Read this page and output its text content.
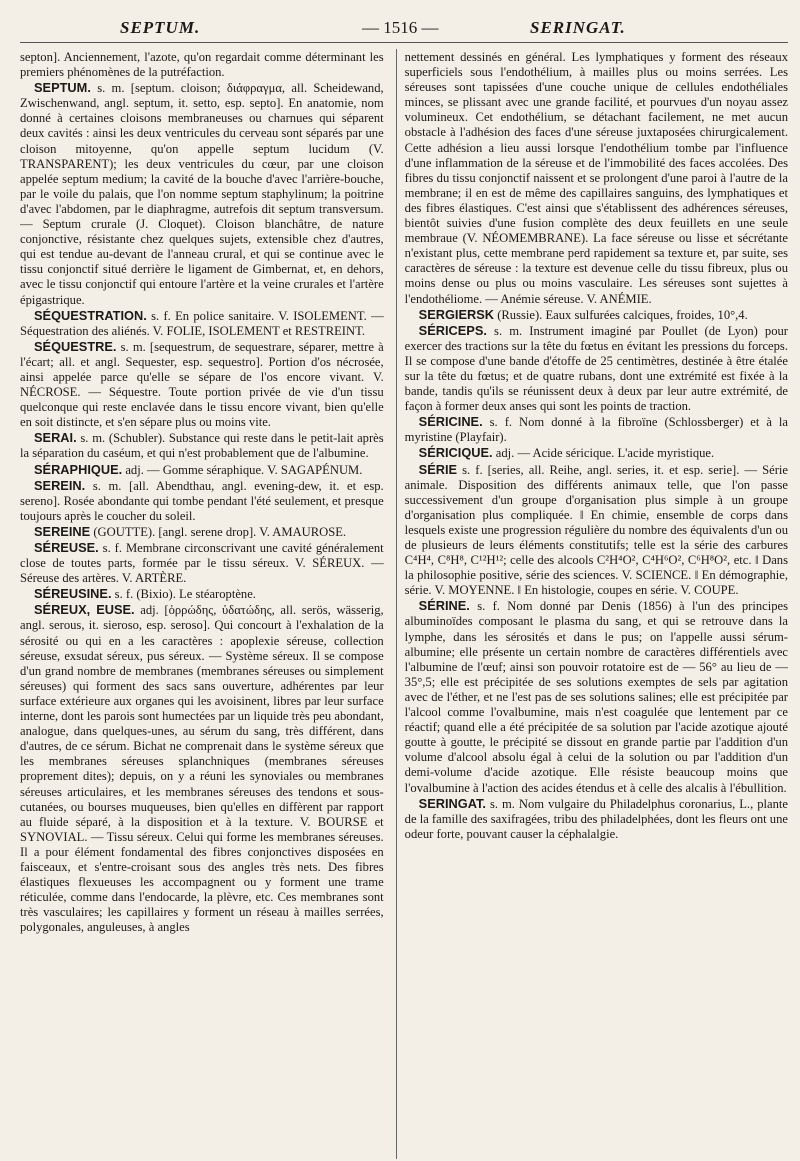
SEPTUM.	— 1516 —	SERINGAT.

septon]. Anciennement, l'azote, qu'on regardait comme déterminant les premiers phénomènes de la putréfaction.

SEPTUM. s. m. [septum. cloison; διάφραγμα, all. Scheidewand, Zwischenwand, angl. septum, it. setto, esp. septo]. En anatomie, nom donné à certaines cloisons membraneuses ou charnues qui séparent deux cavités : ainsi les deux ventricules du cerveau sont séparés par une cloison mitoyenne, qu'on appelle septum lucidum (V. TRANSPARENT); les deux ventricules du cœur, par une cloison appelée septum medium; la cavité de la bouche d'avec l'arrière-bouche, par le voile du palais, que l'on nomme septum staphylinum; la poitrine d'avec l'abdomen, par le diaphragme, autrefois dit septum transversum. — Septum crurale (J. Cloquet). Cloison blanchâtre, de nature conjonctive, résistante chez quelques sujets, extensible chez d'autres, qui est tendue au-devant de l'anneau crural, et qui se continue avec le tissu conjonctif situé derrière le ligament de Gimbernat, et, en dehors, avec le tissu conjonctif qui entoure l'artère et la veine crurales et l'artère épigastrique.

SÉQUESTRATION. s. f. En police sanitaire. V. ISOLEMENT. — Séquestration des aliénés. V. FOLIE, ISOLEMENT et RESTREINT.

SÉQUESTRE. s. m. [sequestrum, de sequestrare, séparer, mettre à l'écart; all. et angl. Sequester, esp. sequestro]. Portion d'os nécrosée, ainsi appelée parce qu'elle se sépare de l'os encore vivant. V. NÉCROSE. — Séquestre. Toute portion privée de vie d'un tissu quelconque qui reste enclavée dans le tissu encore vivant, bien qu'elle en soit distincte, et s'en sépare plus ou moins vite.

SERAI. s. m. (Schubler). Substance qui reste dans le petit-lait après la séparation du caséum, et qui n'est probablement que de l'albumine.

SÉRAPHIQUE. adj. — Gomme séraphique. V. SAGAPÉNUM.

SEREIN. s. m. [all. Abendthau, angl. evening-dew, it. et esp. sereno]. Rosée abondante qui tombe pendant l'été seulement, et presque toujours après le coucher du soleil.

SEREINE (GOUTTE). [angl. serene drop]. V. AMAUROSE.

SÉREUSE. s. f. Membrane circonscrivant une cavité généralement close de toutes parts, formée par le tissu séreux. V. SÉREUX. — Séreuse des artères. V. ARTÈRE.

SÉREUSINE. s. f. (Bixio). Le stéaroptène.

SÉREUX, EUSE. adj. [ὀρρώδης, ὑδατώδης, all. serös, wässerig, angl. serous, it. sieroso, esp. seroso]. Qui concourt à l'exhalation de la sérosité ou qui en a les caractères : apoplexie séreuse, collection séreuse, exsudat séreux, pus séreux. — Système séreux. Il se compose d'un grand nombre de membranes (membranes séreuses ou simplement séreuses) qui forment des sacs sans ouverture, adhérentes par leur surface extérieure aux organes qui les avoisinent, libres par leur surface interne, dont les parois sont humectées par un liquide très peu abondant, analogue, dans quelques-unes, au sérum du sang, très différent, dans d'autres, de ce sérum. Bichat ne comprenait dans le système séreux que les membranes séreuses splanchniques (membranes séreuses proprement dites); depuis, on y a réuni les synoviales ou membranes séreuses articulaires, et les membranes séreuses des tendons et sous-cutanées, ou bourses muqueuses, bien qu'elles en diffèrent par rapport au fluide séparé, à la disposition et à la texture. V. BOURSE et SYNOVIAL. — Tissu séreux. Celui qui forme les membranes séreuses. Il a pour élément fondamental des fibres conjonctives disposées en faisceaux, et s'entre-croisant sous des angles très nets. Des fibres élastiques flexueuses les accompagnent ou y forment une trame réticulée, comme dans l'endocarde, la plèvre, etc. Ces membranes sont très vasculaires; les capillaires y forment un réseau à mailles serrées, polygonales, anguleuses, à angles

nettement dessinés en général. Les lymphatiques y forment des réseaux superficiels sous l'endothélium, à mailles plus ou moins serrées. Les séreuses sont tapissées d'une couche unique de cellules endothéliales minces, se plissant avec une grande facilité, et pourvues d'un noyau assez volumineux. Cet endothélium, se détachant facilement, ne met aucun obstacle à l'adhésion des faces d'une séreuse juxtaposées chirurgicalement. Cette adhésion a lieu aussi lorsque l'endothélium tombe par l'influence d'une inflammation de la séreuse et de l'immobilité des faces accolées. Des fibres du tissu conjonctif naissent et se prolongent d'une paroi à l'autre de la membrane; il en est de même des capillaires sanguins, des lymphatiques et des fibres élastiques. C'est ainsi que s'établissent des adhérences séreuses, bientôt suivies d'une fusion complète des deux feuillets en une seule membraue (V. NÉOMEMBRANE). La face séreuse ou lisse et sécrétante n'existant plus, cette membrane perd rapidement sa texture et, par suite, ses caractères de séreuse : la texture est devenue celle du tissu fibreux, plus ou moins dense ou plus ou moins vasculaire. Les séreuses sont sujettes à l'endothéliome. — Anémie séreuse. V. ANÉMIE.

SERGIERSK (Russie). Eaux sulfurées calciques, froides, 10°,4.

SÉRICEPS. s. m. Instrument imaginé par Poullet (de Lyon) pour exercer des tractions sur la tête du fœtus en évitant les pressions du forceps. Il se compose d'une bande d'étoffe de 25 centimètres, destinée à être étalée sur la tête du fœtus; et de quatre rubans, dont une extrémité est fixée à la bande, tandis qu'ils se réunissent deux à deux par leur autre extrémité, de façon à former deux anses qui sont les points de traction.

SÉRICINE. s. f. Nom donné à la fibroïne (Schlossberger) et à la myristine (Playfair).

SÉRICIQUE. adj. — Acide séricique. L'acide myristique.

SÉRIE s. f. [series, all. Reihe, angl. series, it. et esp. serie]. — Série animale. Disposition des différents animaux telle, que l'on passe successivement d'un groupe d'organisation plus simple à un groupe d'organisation plus compliquée. ‖ En chimie, ensemble de corps dans lesquels existe une progression régulière du nombre des équivalents d'un ou de plusieurs de leurs éléments constitutifs; telle est la série des carbures C⁴H⁴, C⁸H⁸, C¹²H¹²; celle des alcools C²H⁴O², C⁴H⁶O², C⁶H⁸O², etc. ‖ Dans la philosophie positive, série des sciences. V. SCIENCE. ‖ En démographie, série. V. MOYENNE. ‖ En histologie, coupes en série. V. COUPE.

SÉRINE. s. f. Nom donné par Denis (1856) à l'un des principes albuminoïdes composant le plasma du sang, et qui se retrouve dans la lymphe, dans les sérosités et dans le pus; on l'appelle aussi sérum-albumine; elle présente un certain nombre de caractères différentiels avec l'albumine de l'œuf; ainsi son pouvoir rotatoire est de — 56° au lieu de — 35°,5; elle est précipitée de ses solutions exemptes de sels par agitation avec de l'éther, et ne l'est pas de ses solutions salines; elle est précipitée par l'alcool comme l'ovalbumine, mais n'est coagulée que lentement par ce réactif; quand elle a été précipitée de sa solution par l'acide azotique ajouté goutte à goutte, le précipité se dissout en grande partie par l'addition d'un volume d'alcool absolu égal à celui de la solution ou par l'addition d'un demi-volume d'acide azotique. Elle résiste beaucoup moins que l'ovalbumine à l'action des acides étendus et à celle des alcalis à l'ébullition.

SERINGAT. s. m. Nom vulgaire du Philadelphus coronarius, L., plante de la famille des saxifragées, tribu des philadelphées, dont les fleurs ont une odeur forte, pouvant causer la céphalalgie.
